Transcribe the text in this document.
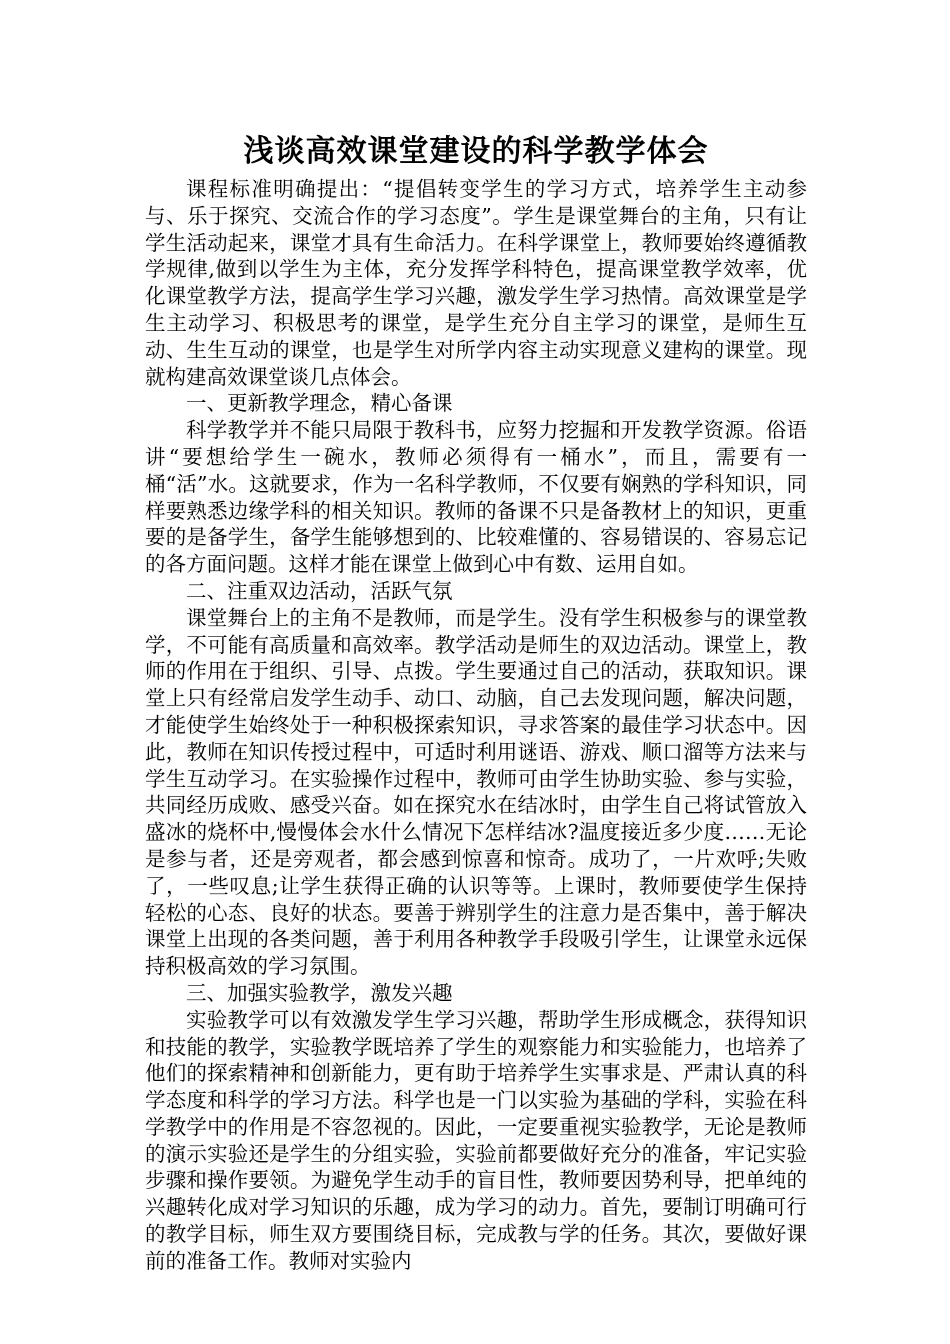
浅谈高效课堂建设的科学教学体会

课程标准明确提出：“提倡转变学生的学习方式，培养学生主动参与、乐于探究、交流合作的学习态度”。学生是课堂舞台的主角，只有让学生活动起来，课堂才具有生命活力。在科学课堂上，教师要始终遵循教学规律,做到以学生为主体，充分发挥学科特色，提高课堂教学效率，优化课堂教学方法，提高学生学习兴趣，激发学生学习热情。高效课堂是学生主动学习、积极思考的课堂，是学生充分自主学习的课堂，是师生互动、生生互动的课堂，也是学生对所学内容主动实现意义建构的课堂。现就构建高效课堂谈几点体会。

一、更新教学理念，精心备课

科学教学并不能只局限于教科书，应努力挖掘和开发教学资源。俗语讲“要想给学生一碗水，教师必须得有一桶水”，而且，需要有一桶“活”水。这就要求，作为一名科学教师，不仅要有娴熟的学科知识，同样要熟悉边缘学科的相关知识。教师的备课不只是备教材上的知识，更重要的是备学生，备学生能够想到的、比较难懂的、容易错误的、容易忘记的各方面问题。这样才能在课堂上做到心中有数、运用自如。

二、注重双边活动，活跃气氛

课堂舞台上的主角不是教师，而是学生。没有学生积极参与的课堂教学，不可能有高质量和高效率。教学活动是师生的双边活动。课堂上，教师的作用在于组织、引导、点拨。学生要通过自己的活动，获取知识。课堂上只有经常启发学生动手、动口、动脑，自己去发现问题，解决问题，才能使学生始终处于一种积极探索知识，寻求答案的最佳学习状态中。因此，教师在知识传授过程中，可适时利用谜语、游戏、顺口溜等方法来与学生互动学习。在实验操作过程中，教师可由学生协助实验、参与实验，共同经历成败、感受兴奋。如在探究水在结冰时，由学生自己将试管放入盛冰的烧杯中,慢慢体会水什么情况下怎样结冰?温度接近多少度……无论是参与者，还是旁观者，都会感到惊喜和惊奇。成功了，一片欢呼;失败了，一些叹息;让学生获得正确的认识等等。上课时，教师要使学生保持轻松的心态、良好的状态。要善于辨别学生的注意力是否集中，善于解决课堂上出现的各类问题，善于利用各种教学手段吸引学生，让课堂永远保持积极高效的学习氛围。

三、加强实验教学，激发兴趣

实验教学可以有效激发学生学习兴趣，帮助学生形成概念，获得知识和技能的教学，实验教学既培养了学生的观察能力和实验能力，也培养了他们的探索精神和创新能力，更有助于培养学生实事求是、严肃认真的科学态度和科学的学习方法。科学也是一门以实验为基础的学科，实验在科学教学中的作用是不容忽视的。因此，一定要重视实验教学，无论是教师的演示实验还是学生的分组实验，实验前都要做好充分的准备，牢记实验步骤和操作要领。为避免学生动手的盲目性，教师要因势利导，把单纯的兴趣转化成对学习知识的乐趣，成为学习的动力。首先，要制订明确可行的教学目标，师生双方要围绕目标，完成教与学的任务。其次，要做好课前的准备工作。教师对实验内
